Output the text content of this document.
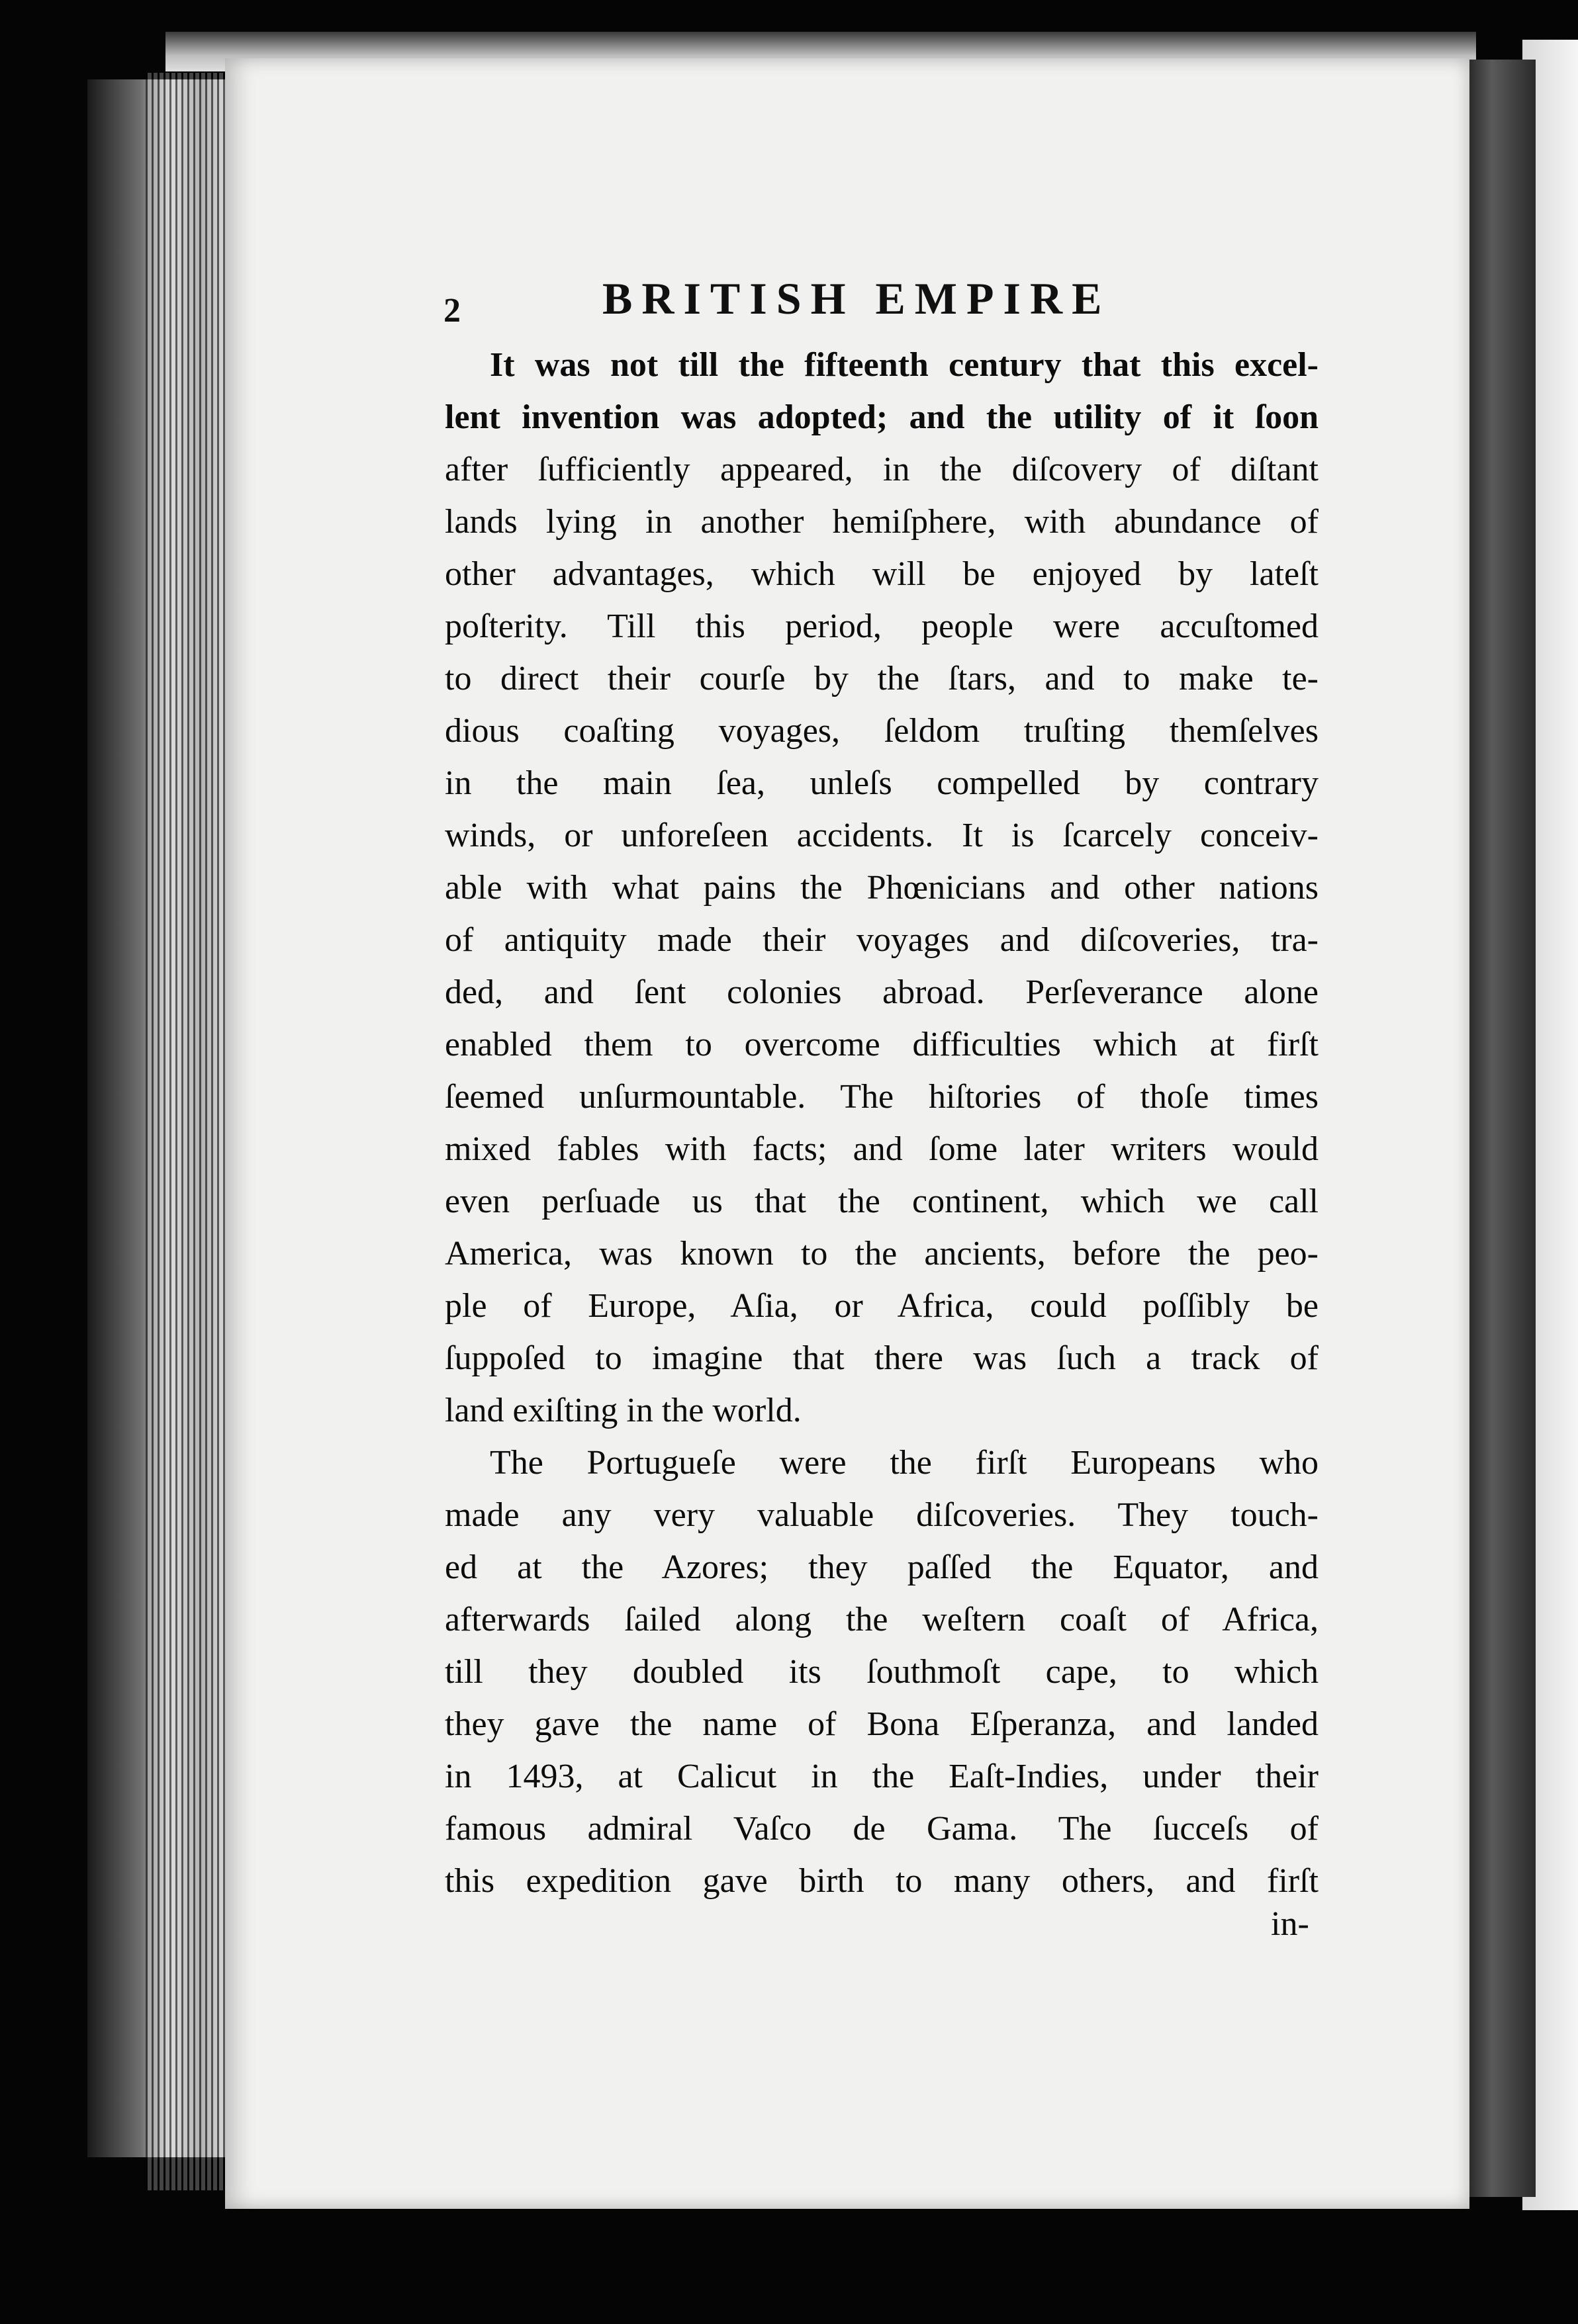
2	BRITISH EMPIRE
It was not till the fifteenth century that this excel-
lent invention was adopted; and the utility of it ſoon
after ſufficiently appeared, in the diſcovery of diſtant
lands lying in another hemiſphere, with abundance of
other advantages, which will be enjoyed by lateſt
poſterity. Till this period, people were accuſtomed
to direct their courſe by the ſtars, and to make te-
dious coaſting voyages, ſeldom truſting themſelves
in the main ſea, unleſs compelled by contrary
winds, or unforeſeen accidents. It is ſcarcely conceiv-
able with what pains the Phœnicians and other nations
of antiquity made their voyages and diſcoveries, tra-
ded, and ſent colonies abroad. Perſeverance alone
enabled them to overcome difficulties which at firſt
ſeemed unſurmountable. The hiſtories of thoſe times
mixed fables with facts; and ſome later writers would
even perſuade us that the continent, which we call
America, was known to the ancients, before the peo-
ple of Europe, Aſia, or Africa, could poſſibly be
ſuppoſed to imagine that there was ſuch a track of
land exiſting in the world.
The Portugueſe were the firſt Europeans who
made any very valuable diſcoveries. They touch-
ed at the Azores; they paſſed the Equator, and
afterwards ſailed along the weſtern coaſt of Africa,
till they doubled its ſouthmoſt cape, to which
they gave the name of Bona Eſperanza, and landed
in 1493, at Calicut in the Eaſt-Indies, under their
famous admiral Vaſco de Gama. The ſucceſs of
this expedition gave birth to many others, and firſt
in-
